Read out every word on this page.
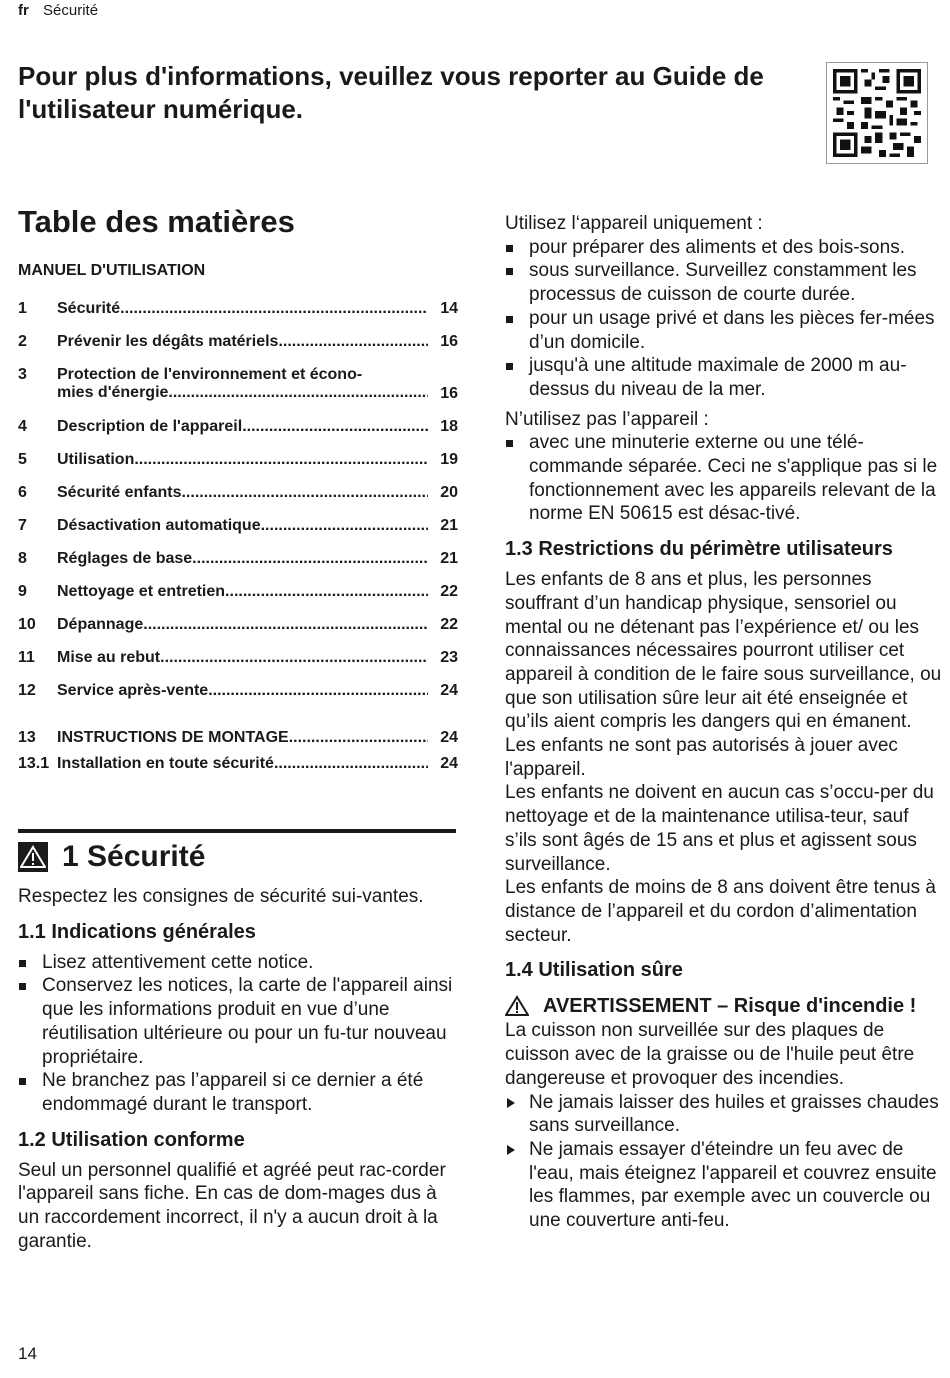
fr Sécurité
Pour plus d'informations, veuillez vous reporter au Guide de l'utilisateur numérique.
Table des matières
MANUEL D'UTILISATION
1	Sécurité .....	14
2	Prévenir les dégâts matériels .....	16
3	Protection de l'environnement et écono-
mies d'énergie .....	16
4	Description de l'appareil .....	18
5	Utilisation .....	19
6	Sécurité enfants .....	20
7	Désactivation automatique .....	21
8	Réglages de base .....	21
9	Nettoyage et entretien .....	22
10	Dépannage .....	22
11	Mise au rebut .....	23
12	Service après-vente .....	24
13	INSTRUCTIONS DE MONTAGE .....	24
13.1 Installation en toute sécurité .....	24
1 Sécurité

Respectez les consignes de sécurité sui-vantes.

1.1 Indications générales
Lisez attentivement cette notice.
Conservez les notices, la carte de l'appareil ainsi que les informations produit en vue d’une réutilisation ultérieure ou pour un fu-tur nouveau propriétaire.
Ne branchez pas l’appareil si ce dernier a été endommagé durant le transport.
1.2 Utilisation conforme

Seul un personnel qualifié et agréé peut rac-corder l'appareil sans fiche. En cas de dom-mages dus à un raccordement incorrect, il n'y a aucun droit à la garantie.

Utilisez l‘appareil uniquement :

pour préparer des aliments et des bois-sons.
sous surveillance. Surveillez constamment les processus de cuisson de courte durée.
pour un usage privé et dans les pièces fer-mées d’un domicile.
jusqu'à une altitude maximale de 2000 m au-dessus du niveau de la mer.

N’utilisez pas l’appareil :

avec une minuterie externe ou une télé-commande séparée. Ceci ne s'applique pas si le fonctionnement avec les appareils relevant de la norme EN 50615 est désac-tivé.
1.3 Restrictions du périmètre utilisateurs

Les enfants de 8 ans et plus, les personnes souffrant d’un handicap physique, sensoriel ou mental ou ne détenant pas l’expérience et/ ou les connaissances nécessaires pourront utiliser cet appareil à condition de le faire sous surveillance, ou que son utilisation sûre leur ait été enseignée et qu’ils aient compris les dangers qui en émanent.

Les enfants ne sont pas autorisés à jouer avec l'appareil.

Les enfants ne doivent en aucun cas s’occu-per du nettoyage et de la maintenance utilisa-teur, sauf s’ils sont âgés de 15 ans et plus et agissent sous surveillance.

Les enfants de moins de 8 ans doivent être tenus à distance de l’appareil et du cordon d’alimentation secteur.

1.4 Utilisation sûre
AVERTISSEMENT – Risque d'incendie !

La cuisson non surveillée sur des plaques de cuisson avec de la graisse ou de l'huile peut être dangereuse et provoquer des incendies.

Ne jamais laisser des huiles et graisses chaudes sans surveillance.
Ne jamais essayer d'éteindre un feu avec de l'eau, mais éteignez l'appareil et couvrez ensuite les flammes, par exemple avec un couvercle ou une couverture anti-feu.
14
